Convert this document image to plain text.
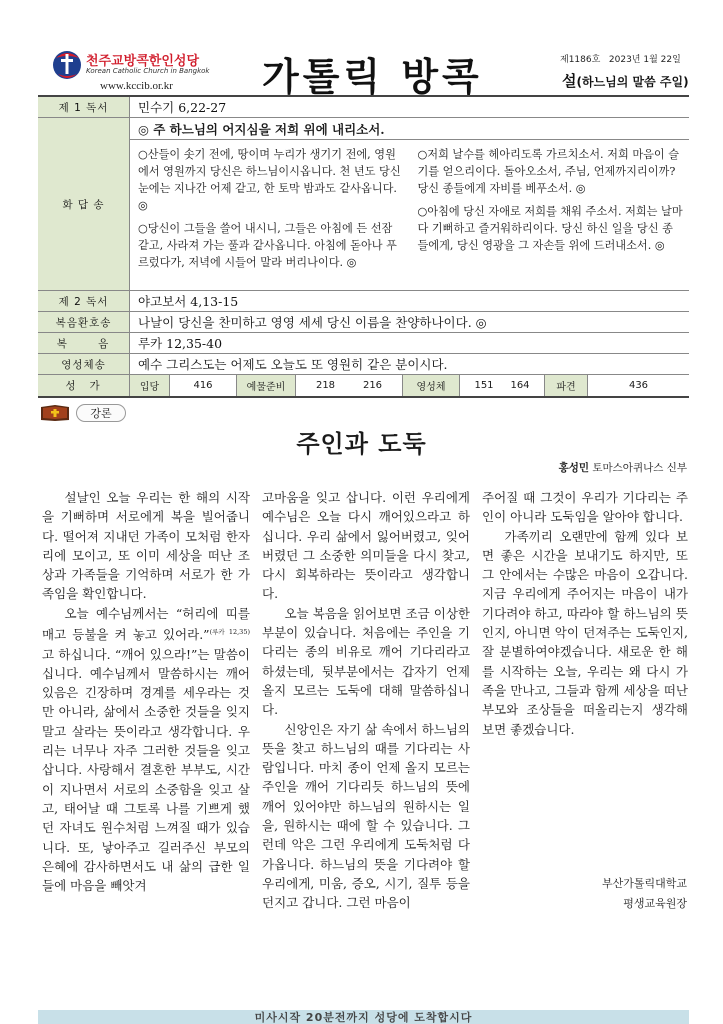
천주교방콕한인성당
Korean Catholic Church in Bangkok
www.kccib.or.kr 가톨릭 방콕	제1186호 2023년 1월 22일
설(하느님의 말씀 주일)
제 1 독서	민수기 6,22-27
화 답 송
◎ 주 하느님의 어지심을 저희 위에 내리소서.
○산들이 솟기 전에, 땅이며 누리가 생기기 전에, 영원에서 영원까지 당신은 하느님이시옵니다. 천 년도 당신 눈에는 지나간 어제 같고, 한 토막 밤과도 같사옵니다. ◎
○당신이 그들을 쓸어 내시니, 그들은 아침에 든 선잠 같고, 사라져 가는 풀과 같사옵니다. 아침에 돋아나 푸르렀다가, 저녁에 시들어 말라 버리나이다. ◎
○저희 날수를 헤아리도록 가르치소서. 저희 마음이 슬기를 얻으리이다. 돌아오소서, 주님, 언제까지리이까? 당신 종들에게 자비를 베푸소서. ◎
○아침에 당신 자애로 저희를 채워 주소서. 저희는 날마다 기뻐하고 즐거워하리이다. 당신 하신 일을 당신 종들에게, 당신 영광을 그 자손들 위에 드러내소서. ◎
제 2 독서	야고보서 4,13-15
복음환호송	나날이 당신을 찬미하고 영영 세세 당신 이름을 찬양하나이다. ◎
복 음	루카 12,35-40
영성체송	예수 그리스도는 어제도 오늘도 또 영원히 같은 분이시다.
성가	입당	416	예물준비	218	216	영성체	151 164	파견	436
강론
주인과 도둑
홍성민 토마스아퀴나스 신부

설날인 오늘 우리는 한 해의 시작을 기뻐하며 서로에게 복을 빌어줍니다. 떨어져 지내던 가족이 모처럼 한자리에 모이고, 또 이미 세상을 떠난 조상과 가족들을 기억하며 서로가 한 가족임을 확인합니다.

오늘 예수님께서는 “허리에 띠를 매고 등불을 켜 놓고 있어라.”$^{(루카 12,35)}$고 하십니다. “깨어 있으라!”는 말씀이십니다. 예수님께서 말씀하시는 깨어있음은 긴장하며 경계를 세우라는 것만 아니라, 삶에서 소중한 것들을 잊지 말고 살라는 뜻이라고 생각합니다. 우리는 너무나 자주 그러한 것들을 잊고 삽니다. 사랑해서 결혼한 부부도, 시간이 지나면서 서로의 소중함을 잊고 살고, 태어날 때 그토록 나를 기쁘게 했던 자녀도 원수처럼 느껴질 때가 있습니다. 또, 낳아주고 길러주신 부모의 은혜에 감사하면서도 내 삶의 급한 일들에 마음을 빼앗겨

고마움을 잊고 삽니다. 이런 우리에게 예수님은 오늘 다시 깨어있으라고 하십니다. 우리 삶에서 잃어버렸고, 잊어버렸던 그 소중한 의미들을 다시 찾고, 다시 회복하라는 뜻이라고 생각합니다.

오늘 복음을 읽어보면 조금 이상한 부분이 있습니다. 처음에는 주인을 기다리는 종의 비유로 깨어 기다리라고 하셨는데, 뒷부분에서는 갑자기 언제 올지 모르는 도둑에 대해 말씀하십니다.

신앙인은 자기 삶 속에서 하느님의 뜻을 찾고 하느님의 때를 기다리는 사람입니다. 마치 종이 언제 올지 모르는 주인을 깨어 기다리듯 하느님의 뜻에 깨어 있어야만 하느님의 원하시는 일을, 원하시는 때에 할 수 있습니다. 그런데 악은 그런 우리에게 도둑처럼 다가옵니다. 하느님의 뜻을 기다려야 할 우리에게, 미움, 증오, 시기, 질투 등을 던지고 갑니다. 그런 마음이

주어질 때 그것이 우리가 기다리는 주인이 아니라 도둑임을 알아야 합니다.

가족끼리 오랜만에 함께 있다 보면 좋은 시간을 보내기도 하지만, 또 그 안에서는 수많은 마음이 오갑니다. 지금 우리에게 주어지는 마음이 내가 기다려야 하고, 따라야 할 하느님의 뜻인지, 아니면 악이 던져주는 도둑인지, 잘 분별하여야겠습니다. 새로운 한 해를 시작하는 오늘, 우리는 왜 다시 가족을 만나고, 그들과 함께 세상을 떠난 부모와 조상들을 떠올리는지 생각해 보면 좋겠습니다.

부산가톨릭대학교
평생교육원장
미사시작 20분전까지 성당에 도착합시다
